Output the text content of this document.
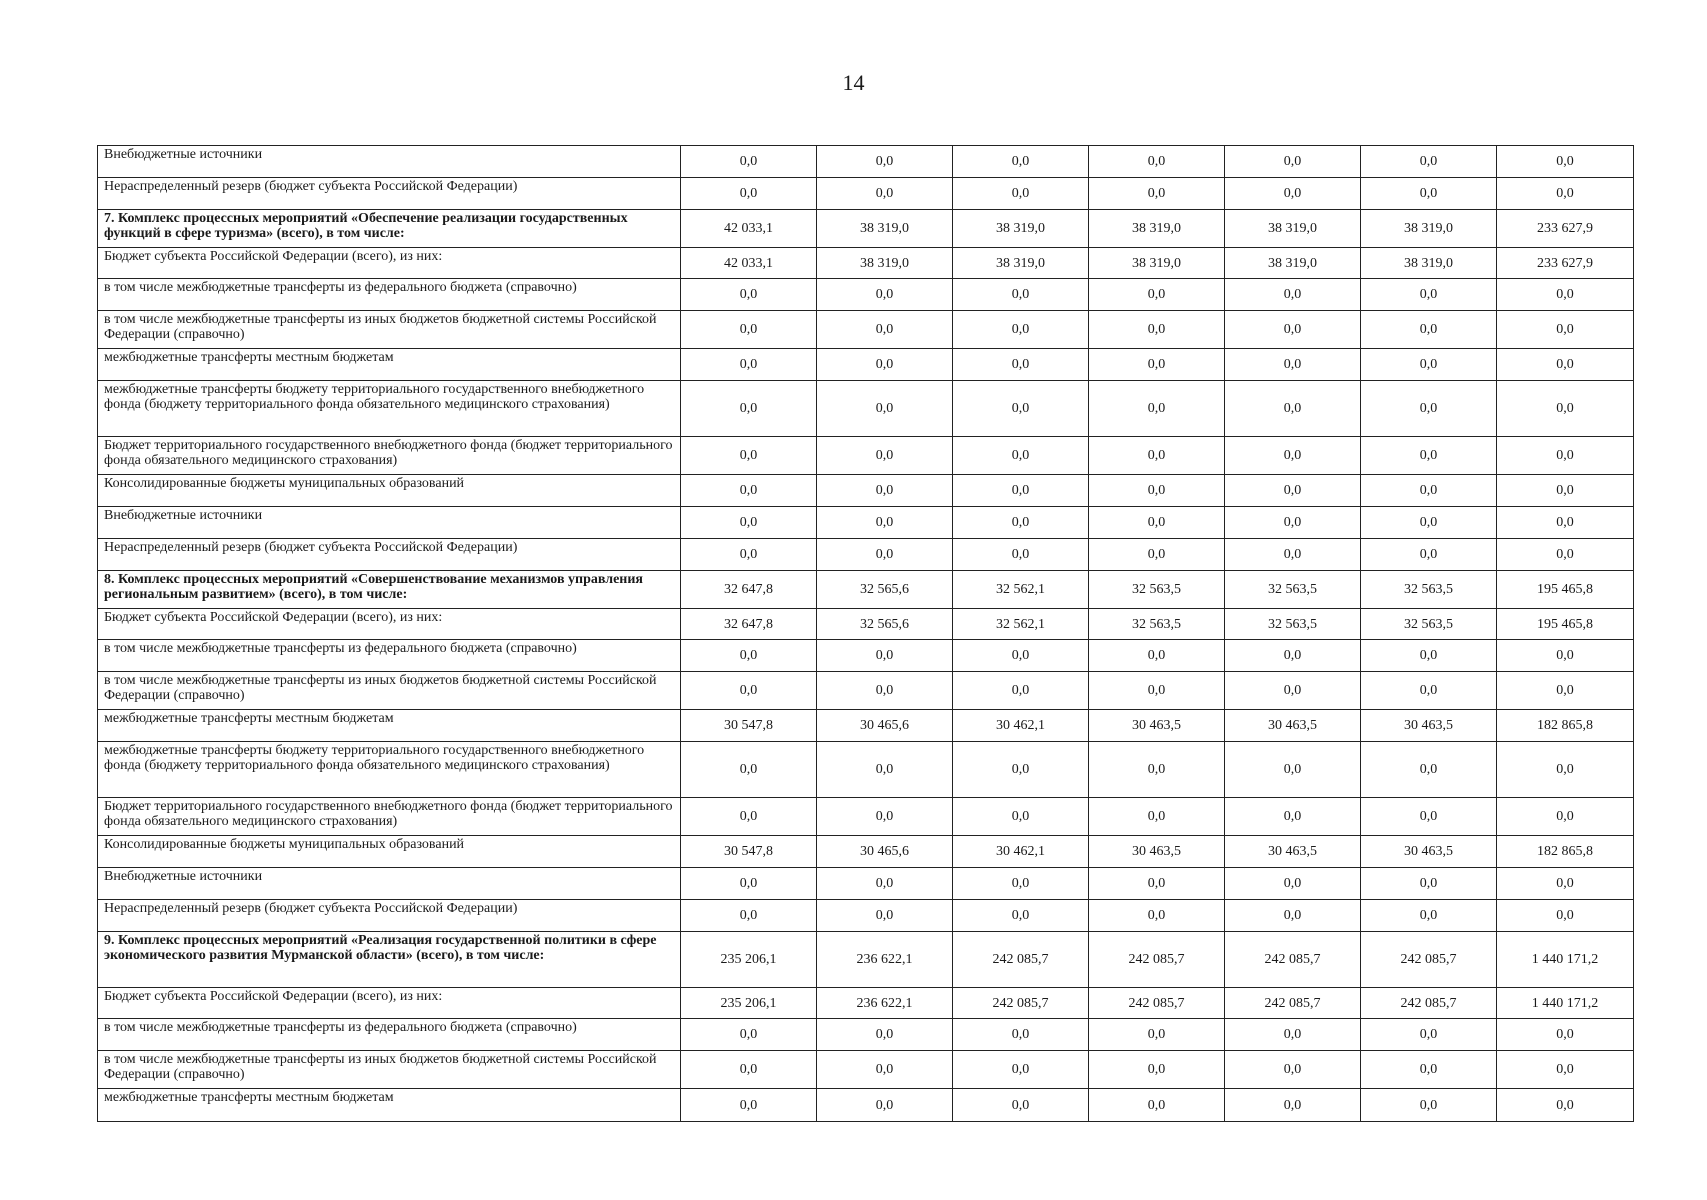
14
Внебюджетные источники	0,0	0,0	0,0	0,0	0,0	0,0	0,0
Нераспределенный резерв (бюджет субъекта Российской Федерации)	0,0	0,0	0,0	0,0	0,0	0,0	0,0
7. Комплекс процессных мероприятий «Обеспечение реализации государственных функций в сфере туризма» (всего), в том числе:	42 033,1	38 319,0	38 319,0	38 319,0	38 319,0	38 319,0	233 627,9
Бюджет субъекта Российской Федерации (всего), из них:	42 033,1	38 319,0	38 319,0	38 319,0	38 319,0	38 319,0	233 627,9
в том числе межбюджетные трансферты из федерального бюджета (справочно)	0,0	0,0	0,0	0,0	0,0	0,0	0,0
в том числе межбюджетные трансферты из иных бюджетов бюджетной системы Российской Федерации (справочно)	0,0	0,0	0,0	0,0	0,0	0,0	0,0
межбюджетные трансферты местным бюджетам	0,0	0,0	0,0	0,0	0,0	0,0	0,0
межбюджетные трансферты бюджету территориального государственного внебюджетного фонда (бюджету территориального фонда обязательного медицинского страхования)	0,0	0,0	0,0	0,0	0,0	0,0	0,0
Бюджет территориального государственного внебюджетного фонда (бюджет территориального фонда обязательного медицинского страхования)	0,0	0,0	0,0	0,0	0,0	0,0	0,0
Консолидированные бюджеты муниципальных образований	0,0	0,0	0,0	0,0	0,0	0,0	0,0
Внебюджетные источники	0,0	0,0	0,0	0,0	0,0	0,0	0,0
Нераспределенный резерв (бюджет субъекта Российской Федерации)	0,0	0,0	0,0	0,0	0,0	0,0	0,0
8. Комплекс процессных мероприятий «Совершенствование механизмов управления региональным развитием» (всего), в том числе:	32 647,8	32 565,6	32 562,1	32 563,5	32 563,5	32 563,5	195 465,8
Бюджет субъекта Российской Федерации (всего), из них:	32 647,8	32 565,6	32 562,1	32 563,5	32 563,5	32 563,5	195 465,8
в том числе межбюджетные трансферты из федерального бюджета (справочно)	0,0	0,0	0,0	0,0	0,0	0,0	0,0
в том числе межбюджетные трансферты из иных бюджетов бюджетной системы Российской Федерации (справочно)	0,0	0,0	0,0	0,0	0,0	0,0	0,0
межбюджетные трансферты местным бюджетам	30 547,8	30 465,6	30 462,1	30 463,5	30 463,5	30 463,5	182 865,8
межбюджетные трансферты бюджету территориального государственного внебюджетного фонда (бюджету территориального фонда обязательного медицинского страхования)	0,0	0,0	0,0	0,0	0,0	0,0	0,0
Бюджет территориального государственного внебюджетного фонда (бюджет территориального фонда обязательного медицинского страхования)	0,0	0,0	0,0	0,0	0,0	0,0	0,0
Консолидированные бюджеты муниципальных образований	30 547,8	30 465,6	30 462,1	30 463,5	30 463,5	30 463,5	182 865,8
Внебюджетные источники	0,0	0,0	0,0	0,0	0,0	0,0	0,0
Нераспределенный резерв (бюджет субъекта Российской Федерации)	0,0	0,0	0,0	0,0	0,0	0,0	0,0
9. Комплекс процессных мероприятий «Реализация государственной политики в сфере экономического развития Мурманской области» (всего), в том числе:	235 206,1	236 622,1	242 085,7	242 085,7	242 085,7	242 085,7	1 440 171,2
Бюджет субъекта Российской Федерации (всего), из них:	235 206,1	236 622,1	242 085,7	242 085,7	242 085,7	242 085,7	1 440 171,2
в том числе межбюджетные трансферты из федерального бюджета (справочно)	0,0	0,0	0,0	0,0	0,0	0,0	0,0
в том числе межбюджетные трансферты из иных бюджетов бюджетной системы Российской Федерации (справочно)	0,0	0,0	0,0	0,0	0,0	0,0	0,0
межбюджетные трансферты местным бюджетам	0,0	0,0	0,0	0,0	0,0	0,0	0,0
